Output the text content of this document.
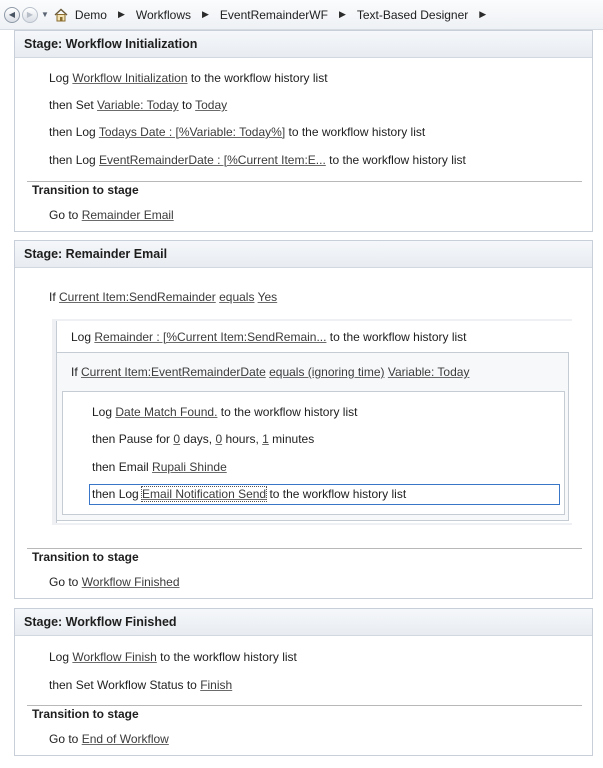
◀	▶ ▼ Demo	▶ Workflows	▶ EventRemainderWF	▶ Text-Based Designer	▶
Stage: Workflow Initialization
Log Workflow Initialization to the workflow history list
then Set Variable: Today to Today
then Log Todays Date : [%Variable: Today%] to the workflow history list
then Log EventRemainderDate : [%Current Item:E... to the workflow history list
Transition to stage
Go to Remainder Email
Stage: Remainder Email
If Current Item:SendRemainder equals Yes
Log Remainder : [%Current Item:SendRemain... to the workflow history list
If Current Item:EventRemainderDate equals (ignoring time) Variable: Today
Log Date Match Found. to the workflow history list
then Pause for 0 days, 0 hours, 1 minutes
then Email Rupali Shinde
then Log Email Notification Send to the workflow history list
Transition to stage
Go to Workflow Finished
Stage: Workflow Finished
Log Workflow Finish to the workflow history list
then Set Workflow Status to Finish
Transition to stage
Go to End of Workflow
